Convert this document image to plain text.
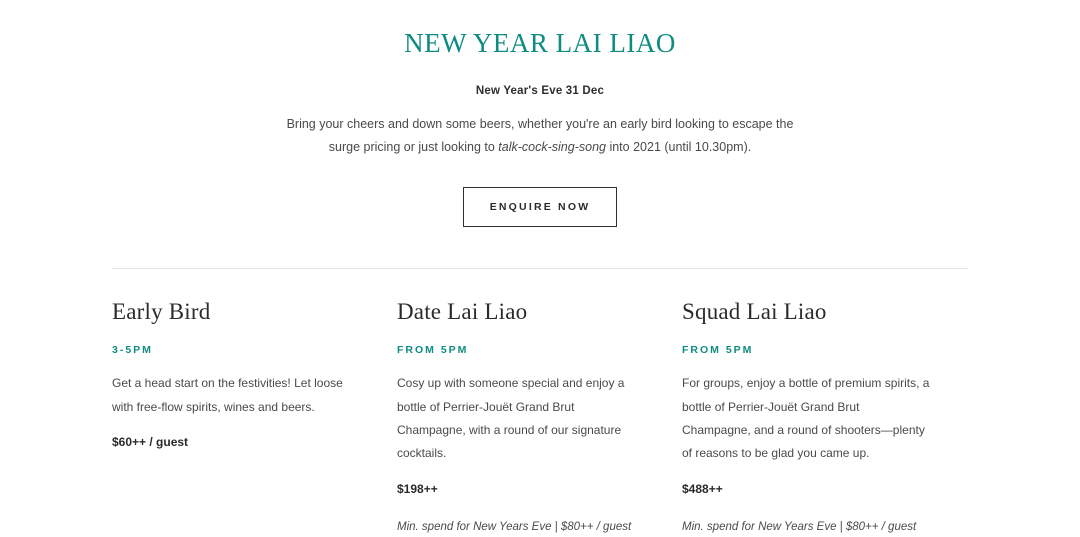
NEW YEAR LAI LIAO
New Year's Eve 31 Dec

Bring your cheers and down some beers, whether you're an early bird looking to escape the surge pricing or just looking to talk-cock-sing-song into 2021 (until 10.30pm).

ENQUIRE NOW
Early Bird
3-5PM

Get a head start on the festivities! Let loose with free-flow spirits, wines and beers.

$60++ / guest
Date Lai Liao
FROM 5PM

Cosy up with someone special and enjoy a bottle of Perrier-Jouët Grand Brut Champagne, with a round of our signature cocktails.

$198++
Min. spend for New Years Eve | $80++ / guest
Squad Lai Liao
FROM 5PM

For groups, enjoy a bottle of premium spirits, a bottle of Perrier-Jouët Grand Brut Champagne, and a round of shooters—plenty of reasons to be glad you came up.

$488++
Min. spend for New Years Eve | $80++ / guest
